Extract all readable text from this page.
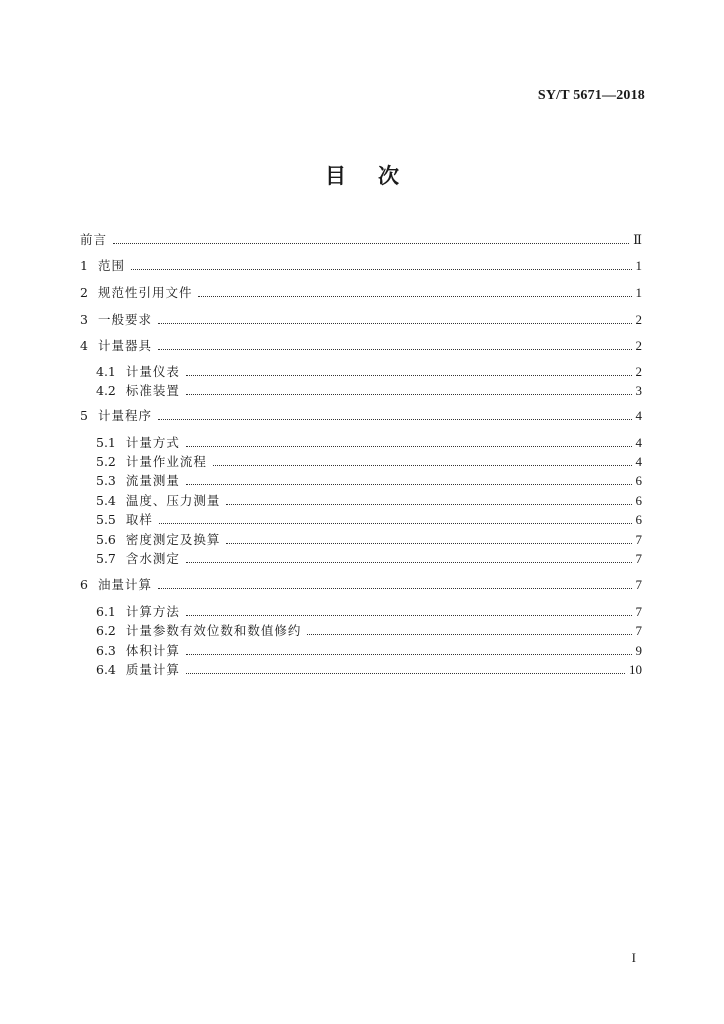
SY/T 5671—2018
目次
前言	Ⅱ
1 范围	1
2 规范性引用文件	1
3 一般要求	2
4 计量器具	2
4.1 计量仪表	2
4.2 标准装置	3
5 计量程序	4
5.1 计量方式	4
5.2 计量作业流程	4
5.3 流量测量	6
5.4 温度、压力测量	6
5.5 取样	6
5.6 密度测定及换算	7
5.7 含水测定	7
6 油量计算	7
6.1 计算方法	7
6.2 计量参数有效位数和数值修约	7
6.3 体积计算	9
6.4 质量计算	10
I
